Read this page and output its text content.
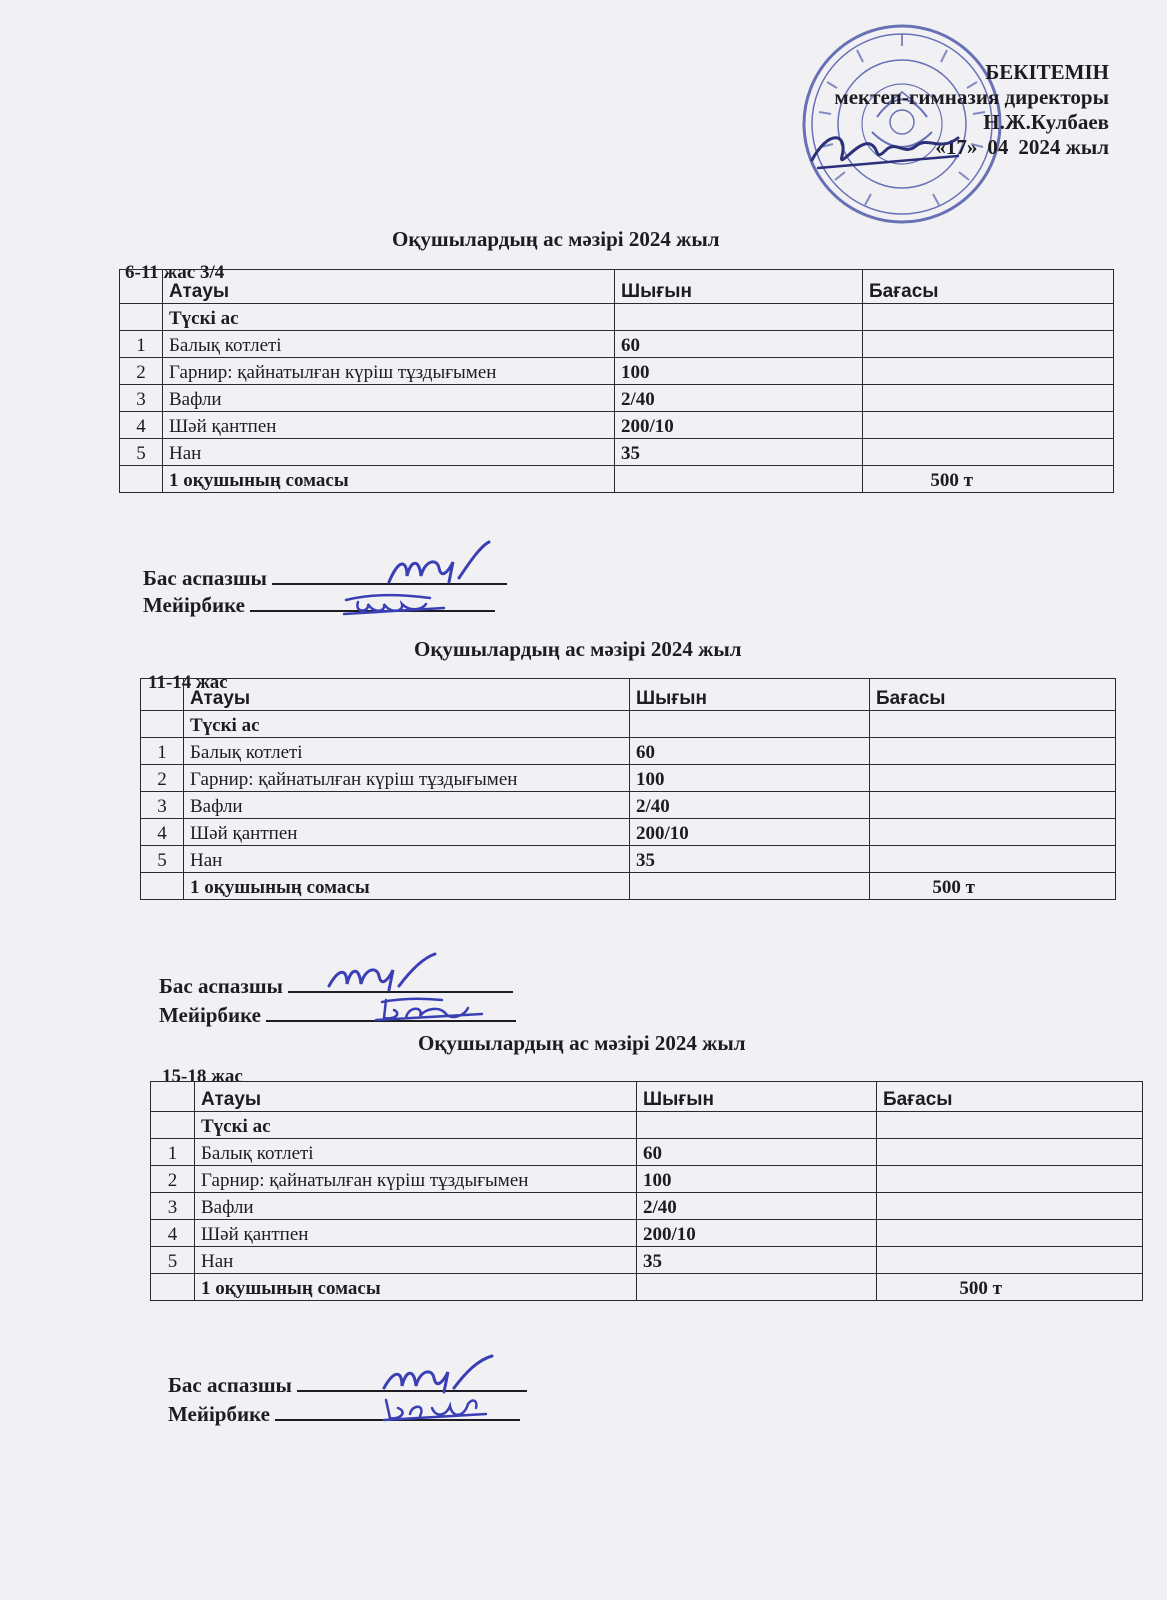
БЕКІТЕМІН
мектеп-гимназия директоры
Н.Ж.Кулбаев
«17» 04 2024 жыл
Оқушылардың ас мәзірі 2024 жыл
6-11 жас 3/4
	Атауы	Шығын	Бағасы
	Түскі ас		
1	Балық котлеті	60	
2	Гарнир: қайнатылған күріш тұздығымен	100	
3	Вафли	2/40	
4	Шәй қантпен	200/10	
5	Нан	35	
	1 оқушының сомасы		500 т
Бас аспазшы
Мейірбике
Оқушылардың ас мәзірі 2024 жыл
11-14 жас
	Атауы	Шығын	Бағасы
	Түскі ас		
1	Балық котлеті	60	
2	Гарнир: қайнатылған күріш тұздығымен	100	
3	Вафли	2/40	
4	Шәй қантпен	200/10	
5	Нан	35	
	1 оқушының сомасы		500 т
Бас аспазшы
Мейірбике
Оқушылардың ас мәзірі 2024 жыл
15-18 жас
	Атауы	Шығын	Бағасы
	Түскі ас		
1	Балық котлеті	60	
2	Гарнир: қайнатылған күріш тұздығымен	100	
3	Вафли	2/40	
4	Шәй қантпен	200/10	
5	Нан	35	
	1 оқушының сомасы		500 т
Бас аспазшы
Мейірбике
